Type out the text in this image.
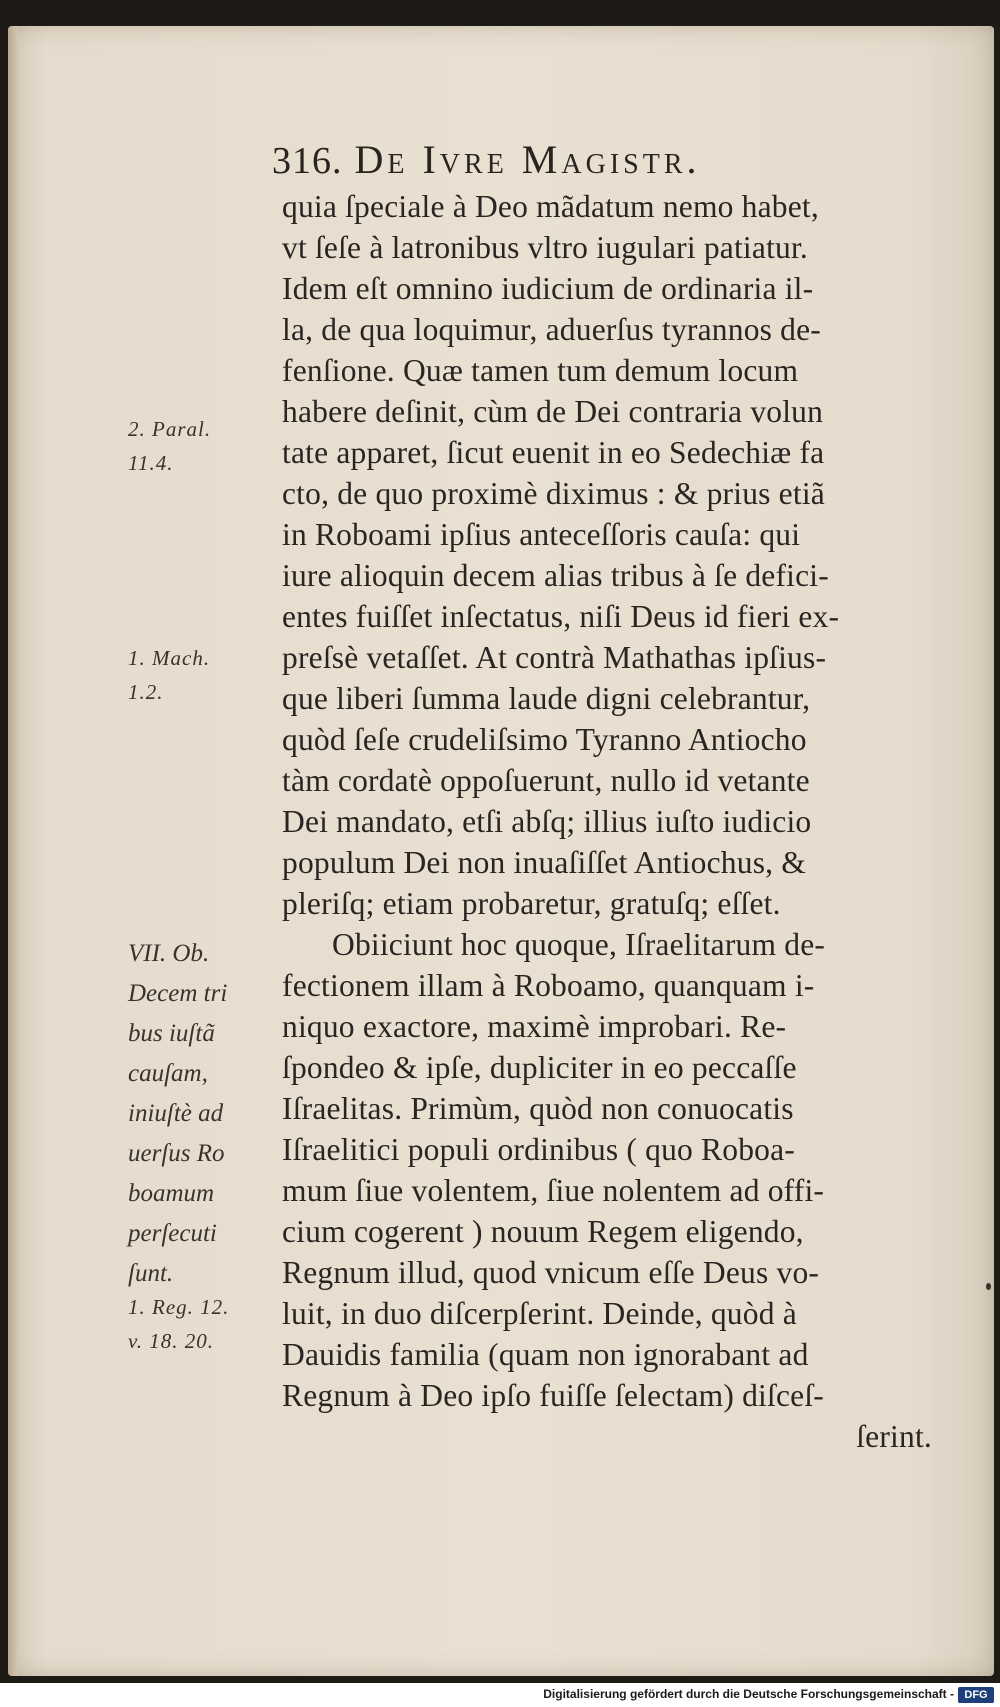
316. De Ivre Magistr.
quia ſpeciale à Deo mãdatum nemo habet,
vt ſeſe à latronibus vltro iugulari patiatur.
Idem eſt omnino iudicium de ordinaria il-
la, de qua loquimur, aduerſus tyrannos de-
fenſione. Quæ tamen tum demum locum
habere deſinit, cùm de Dei contraria volun
tate apparet, ſicut euenit in eo Sedechiæ fa
cto, de quo proximè diximus : & prius etiã
in Roboami ipſius anteceſſoris cauſa: qui
iure alioquin decem alias tribus à ſe defici-
entes fuiſſet inſectatus, niſi Deus id fieri ex-
preſsè vetaſſet. At contrà Mathathas ipſius-
que liberi ſumma laude digni celebrantur,
quòd ſeſe crudeliſsimo Tyranno Antiocho
tàm cordatè oppoſuerunt, nullo id vetante
Dei mandato, etſi abſq; illius iuſto iudicio
populum Dei non inuaſiſſet Antiochus, &
pleriſq; etiam probaretur, gratuſq; eſſet.
Obiiciunt hoc quoque, Iſraelitarum de-
fectionem illam à Roboamo, quanquam i-
niquo exactore, maximè improbari. Re-
ſpondeo & ipſe, dupliciter in eo peccaſſe
Iſraelitas. Primùm, quòd non conuocatis
Iſraelitici populi ordinibus ( quo Roboa-
mum ſiue volentem, ſiue nolentem ad offi-
cium cogerent ) nouum Regem eligendo,
Regnum illud, quod vnicum eſſe Deus vo-
luit, in duo diſcerpſerint. Deinde, quòd à
Dauidis familia (quam non ignorabant ad
Regnum à Deo ipſo fuiſſe ſelectam) diſceſ-
ſerint.
2. Paral.
11.4.
1. Mach.
1.2.
VII. Ob.
Decem tri
bus iuſtã
cauſam,
iniuſtè ad
uerſus Ro
boamum
perſecuti
ſunt.
1. Reg. 12.
v. 18. 20.
Digitalisierung gefördert durch die Deutsche Forschungsgemeinschaft - DFG
